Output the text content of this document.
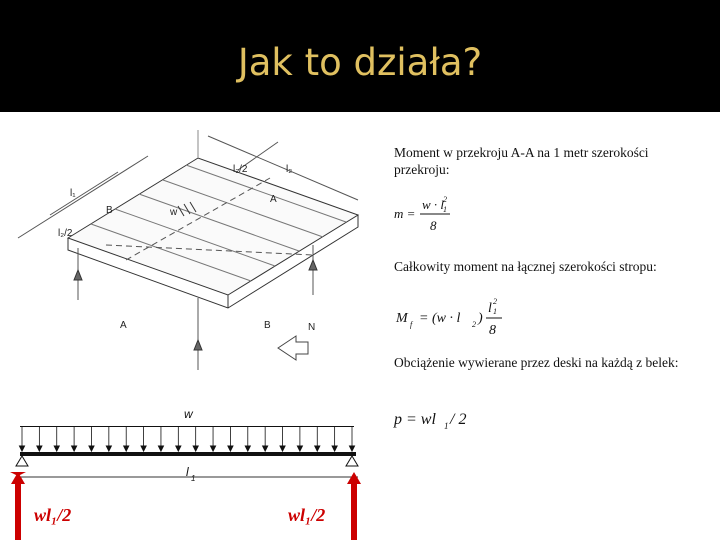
Jak to działa?
l₂/2	l₂
l₁
l₂/2
B
A
w
A	B	N
Moment w przekroju A-A na 1 metr szerokości przekroju:
Całkowity moment na łącznej szerokości stropu:
Obciążenie wywierane przez deski na każdą z belek:
m =
w · l
2
1
8
M f = (w · l 2 )
l 2
1
8
p = wl 1 / 2
w
l 1
wl₁/2	wl₁/2
